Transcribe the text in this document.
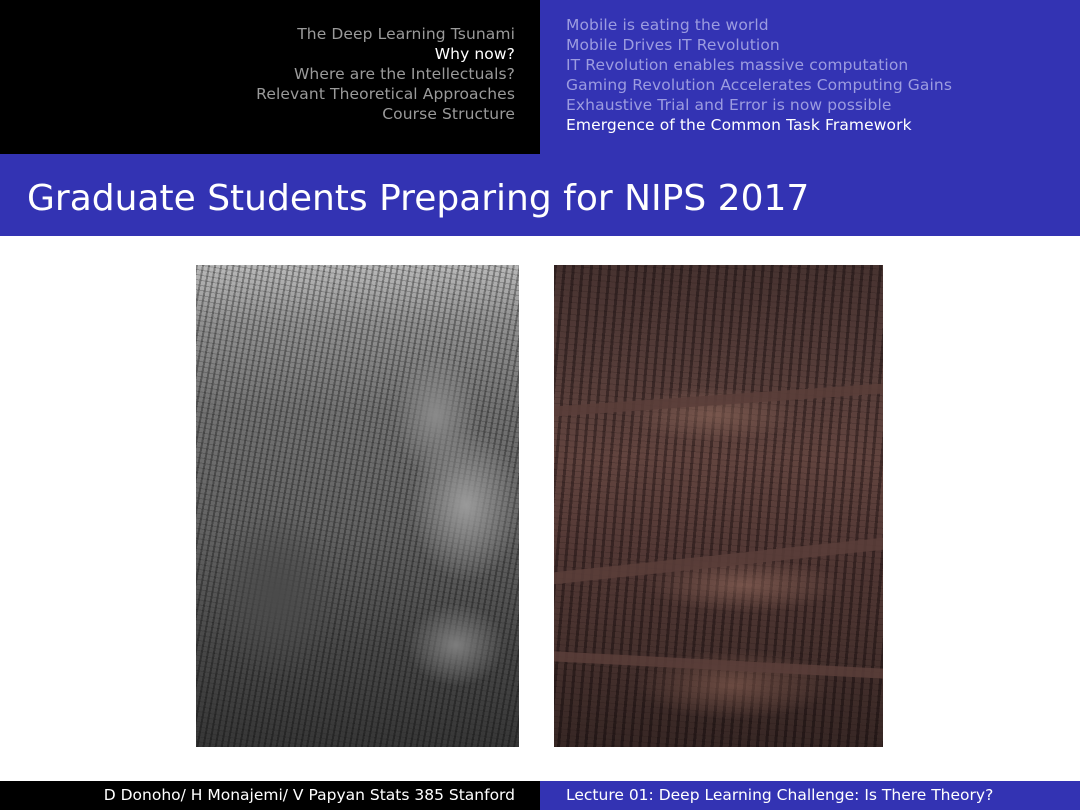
The Deep Learning Tsunami
Why now?
Where are the Intellectuals?
Relevant Theoretical Approaches
Course Structure
Mobile is eating the world
Mobile Drives IT Revolution
IT Revolution enables massive computation
Gaming Revolution Accelerates Computing Gains
Exhaustive Trial and Error is now possible
Emergence of the Common Task Framework
Graduate Students Preparing for NIPS 2017
D Donoho/ H Monajemi/ V Papyan Stats 385 Stanford	Lecture 01: Deep Learning Challenge: Is There Theory?
